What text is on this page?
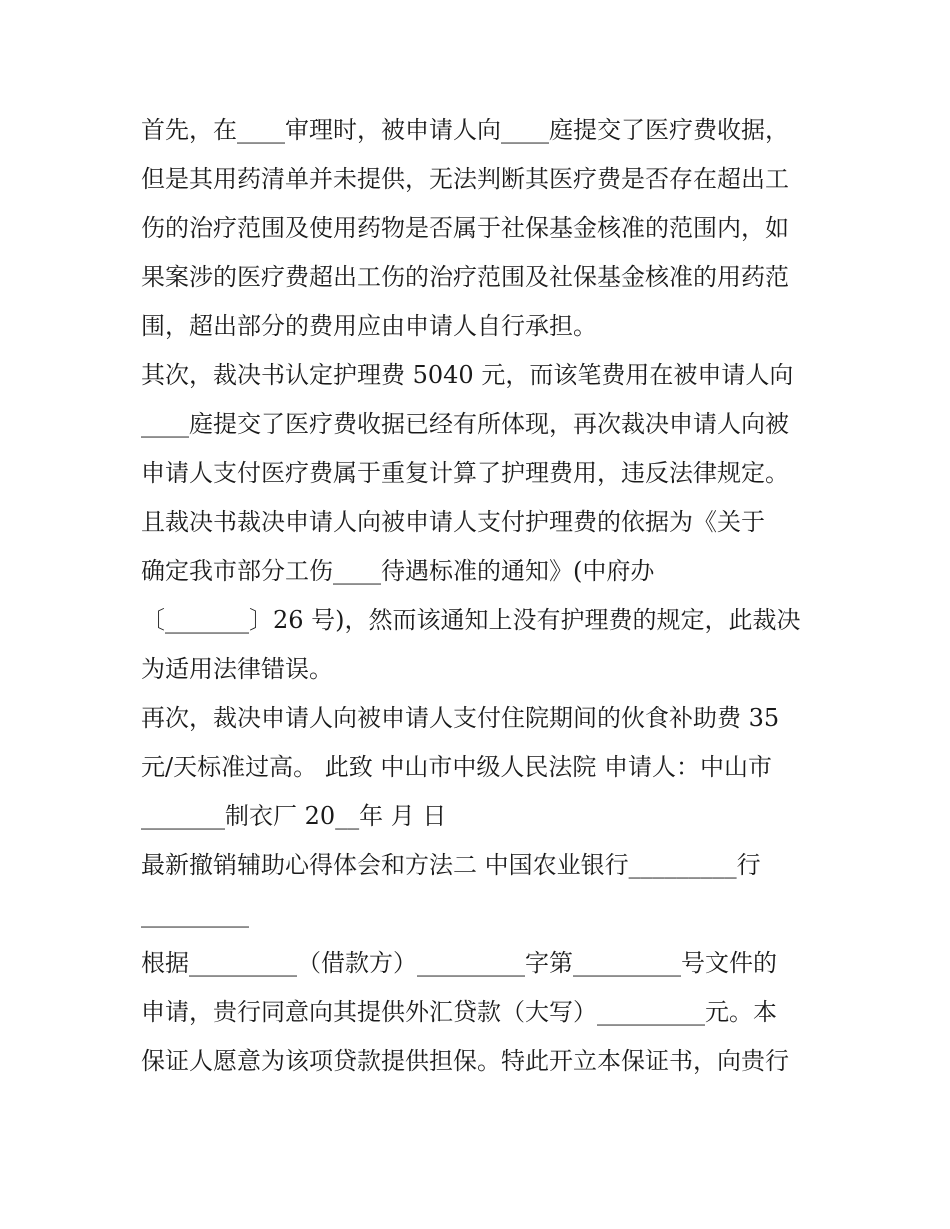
首先，在____审理时，被申请人向____庭提交了医疗费收据，
但是其用药清单并未提供，无法判断其医疗费是否存在超出工
伤的治疗范围及使用药物是否属于社保基金核准的范围内，如
果案涉的医疗费超出工伤的治疗范围及社保基金核准的用药范
围，超出部分的费用应由申请人自行承担。
其次，裁决书认定护理费 5040 元，而该笔费用在被申请人向
____庭提交了医疗费收据已经有所体现，再次裁决申请人向被
申请人支付医疗费属于重复计算了护理费用，违反法律规定。
且裁决书裁决申请人向被申请人支付护理费的依据为《关于
确定我市部分工伤____待遇标准的通知》(中府办
〔_______〕26 号)，然而该通知上没有护理费的规定，此裁决
为适用法律错误。
再次，裁决申请人向被申请人支付住院期间的伙食补助费 35
元/天标准过高。 此致 中山市中级人民法院 申请人：中山市
_______制衣厂 20__年 月 日
最新撤销辅助心得体会和方法二 中国农业银行_________行
_________
根据_________（借款方）_________字第_________号文件的
申请，贵行同意向其提供外汇贷款（大写）_________元。本
保证人愿意为该项贷款提供担保。特此开立本保证书，向贵行
